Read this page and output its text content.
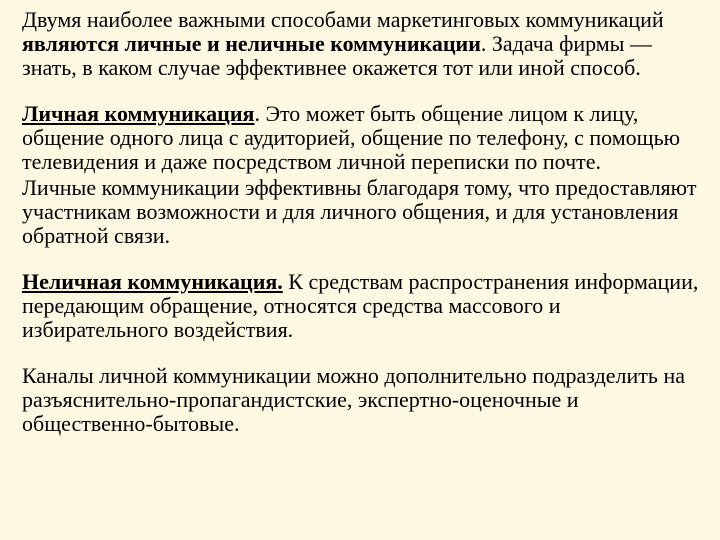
Двумя наиболее важными способами маркетинговых коммуникаций являются личные и неличные коммуникации. Задача фирмы — знать, в каком случае эффективнее окажется тот или иной способ.

Личная коммуникация. Это может быть общение лицом к лицу, общение одного лица с аудиторией, общение по телефону, с помощью телевидения и даже посредством личной переписки по почте.

Личные коммуникации эффективны благодаря тому, что предоставляют участникам возможности и для личного общения, и для установления обратной связи.

Неличная коммуникация. К средствам распространения информации, передающим обращение, относятся средства массового и избирательного воздействия.

Каналы личной коммуникации можно дополнительно подразделить на разъяснительно-пропагандистские, экспертно-оценочные и общественно-бытовые.
